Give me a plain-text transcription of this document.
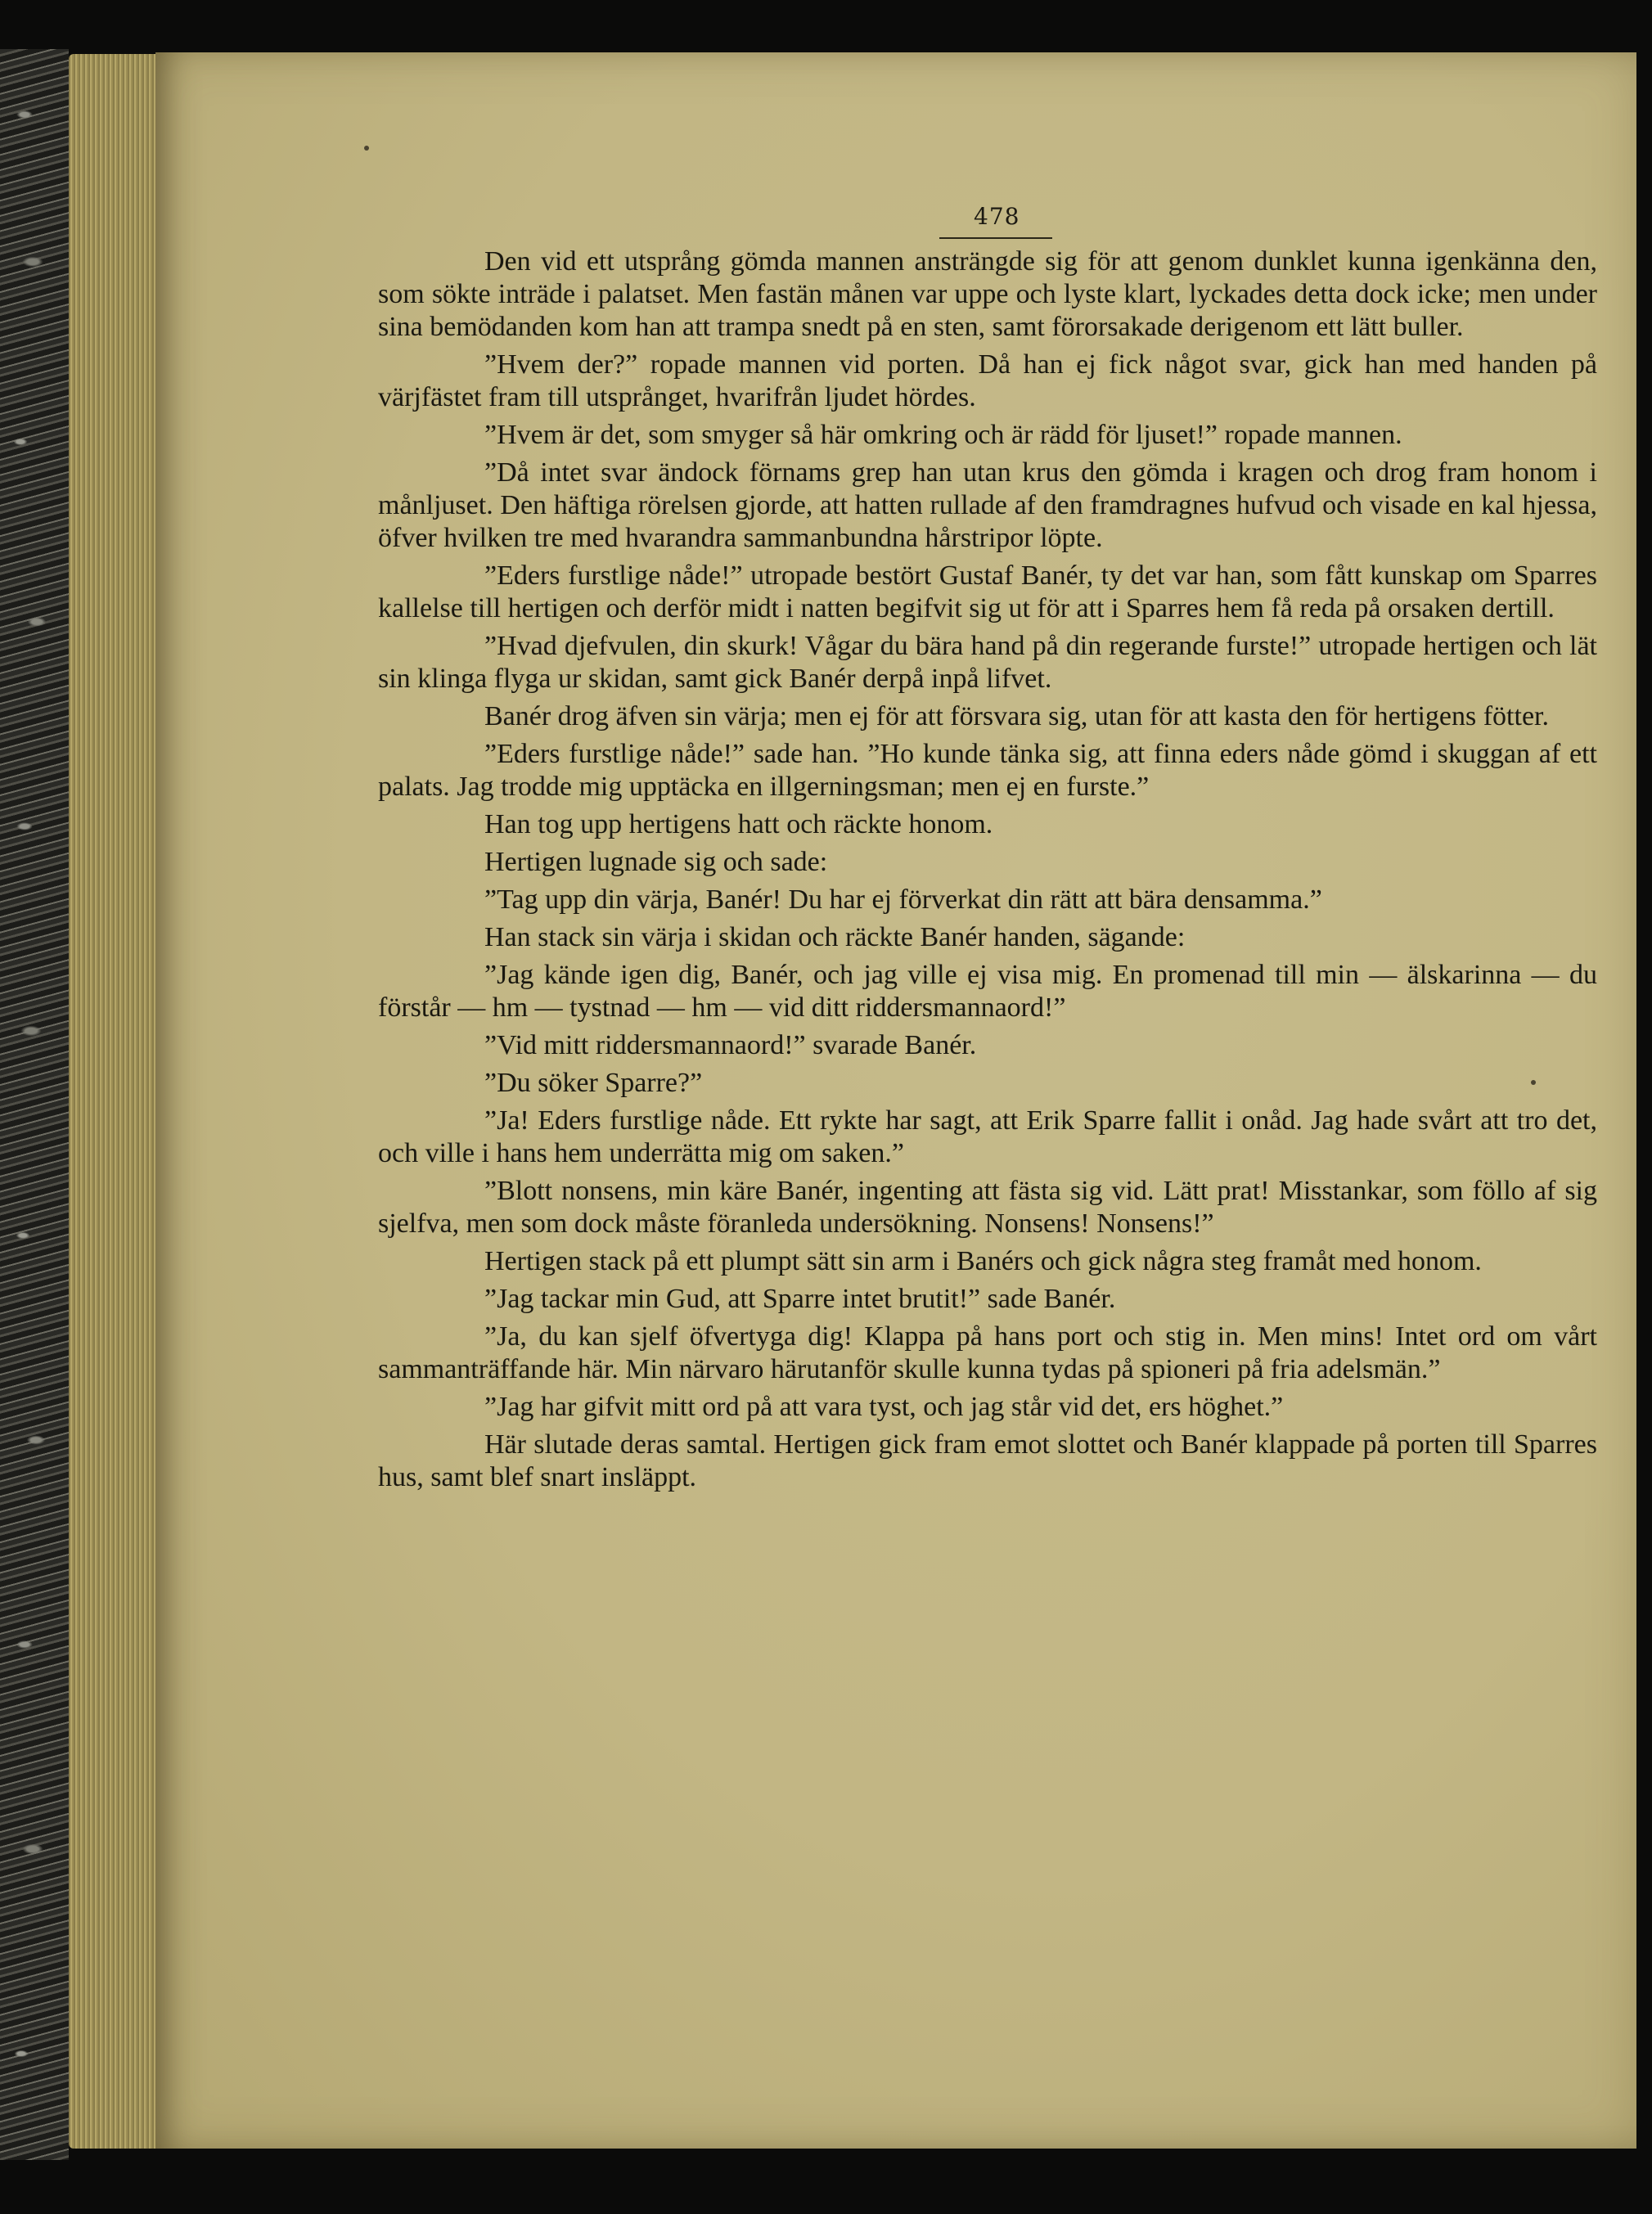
478

Den vid ett utsprång gömda mannen ansträngde sig för att genom dunklet kunna igenkänna den, som sökte inträde i palatset. Men fastän månen var uppe och lyste klart, lyckades detta dock icke; men under sina bemödanden kom han att trampa snedt på en sten, samt förorsakade derigenom ett lätt buller.

”Hvem der?” ropade mannen vid porten. Då han ej fick något svar, gick han med handen på värjfästet fram till utsprånget, hvarifrån ljudet hördes.

”Hvem är det, som smyger så här omkring och är rädd för ljuset!” ropade mannen.

”Då intet svar ändock förnams grep han utan krus den gömda i kragen och drog fram honom i månljuset. Den häftiga rörelsen gjorde, att hatten rullade af den framdragnes hufvud och visade en kal hjessa, öfver hvilken tre med hvarandra sammanbundna hårstripor löpte.

”Eders furstlige nåde!” utropade bestört Gustaf Banér, ty det var han, som fått kunskap om Sparres kallelse till hertigen och derför midt i natten begifvit sig ut för att i Sparres hem få reda på orsaken dertill.

”Hvad djefvulen, din skurk! Vågar du bära hand på din regerande furste!” utropade hertigen och lät sin klinga flyga ur skidan, samt gick Banér derpå inpå lifvet.

Banér drog äfven sin värja; men ej för att försvara sig, utan för att kasta den för hertigens fötter.

”Eders furstlige nåde!” sade han. ”Ho kunde tänka sig, att finna eders nåde gömd i skuggan af ett palats. Jag trodde mig upptäcka en illgerningsman; men ej en furste.”

Han tog upp hertigens hatt och räckte honom.

Hertigen lugnade sig och sade:

”Tag upp din värja, Banér! Du har ej förverkat din rätt att bära densamma.”

Han stack sin värja i skidan och räckte Banér handen, sägande:

”Jag kände igen dig, Banér, och jag ville ej visa mig. En promenad till min — älskarinna — du förstår — hm — tystnad — hm — vid ditt riddersmannaord!”

”Vid mitt riddersmannaord!” svarade Banér.

”Du söker Sparre?”

”Ja! Eders furstlige nåde. Ett rykte har sagt, att Erik Sparre fallit i onåd. Jag hade svårt att tro det, och ville i hans hem underrätta mig om saken.”

”Blott nonsens, min käre Banér, ingenting att fästa sig vid. Lätt prat! Misstankar, som föllo af sig sjelfva, men som dock måste föranleda undersökning. Nonsens! Nonsens!”

Hertigen stack på ett plumpt sätt sin arm i Banérs och gick några steg framåt med honom.

”Jag tackar min Gud, att Sparre intet brutit!” sade Banér.

”Ja, du kan sjelf öfvertyga dig! Klappa på hans port och stig in. Men mins! Intet ord om vårt sammanträffande här. Min närvaro härutanför skulle kunna tydas på spioneri på fria adelsmän.”

”Jag har gifvit mitt ord på att vara tyst, och jag står vid det, ers höghet.”

Här slutade deras samtal. Hertigen gick fram emot slottet och Banér klappade på porten till Sparres hus, samt blef snart insläppt.
